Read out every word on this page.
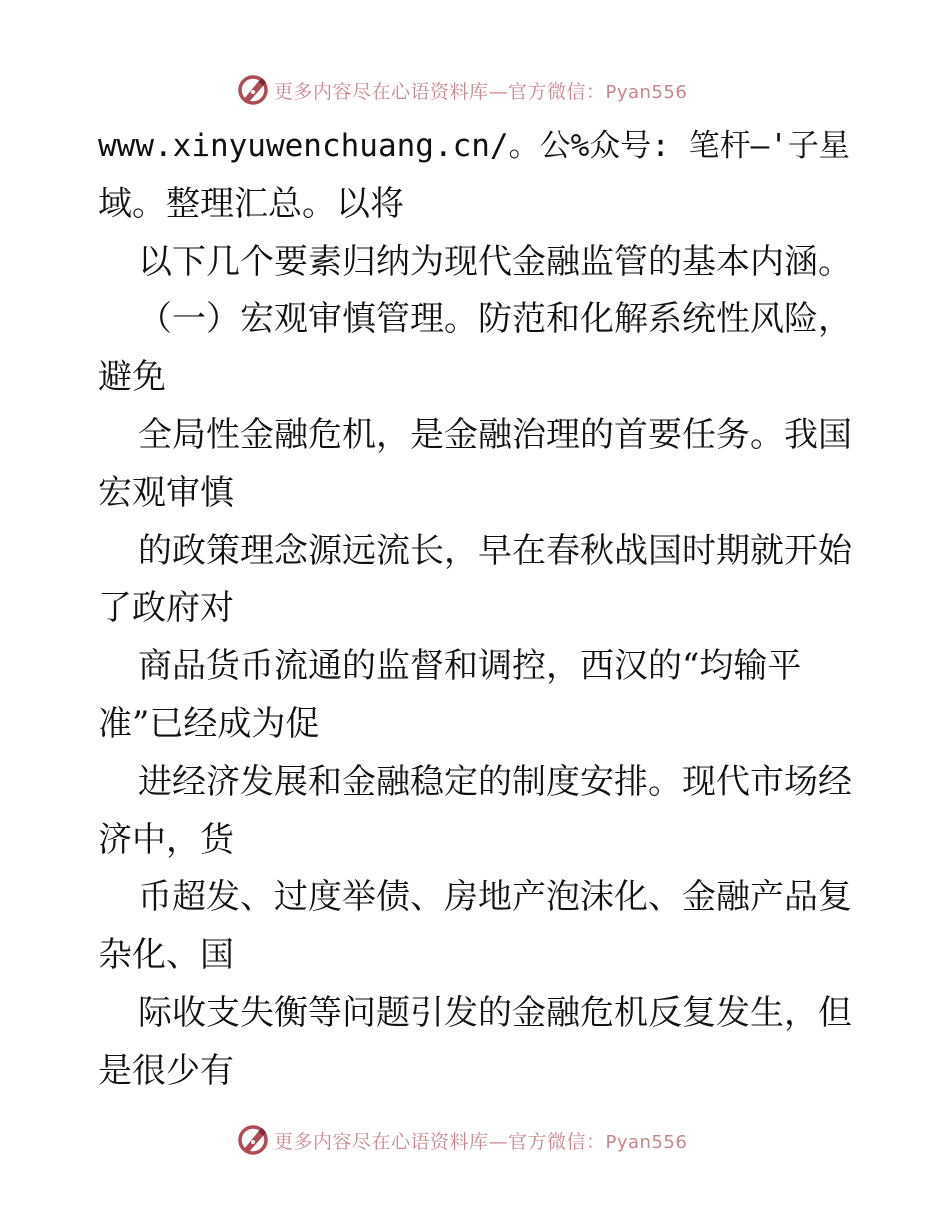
更多内容尽在心语资料库—官方微信：Pyan556
www.xinyuwenchuang.cn/。公%众号: 笔杆—'子星
域。整理汇总。以将
以下几个要素归纳为现代金融监管的基本内涵。
（一）宏观审慎管理。防范和化解系统性风险，
避免
全局性金融危机，是金融治理的首要任务。我国
宏观审慎
的政策理念源远流长，早在春秋战国时期就开始
了政府对
商品货币流通的监督和调控，西汉的“均输平
准”已经成为促
进经济发展和金融稳定的制度安排。现代市场经
济中，货
币超发、过度举债、房地产泡沫化、金融产品复
杂化、国
际收支失衡等问题引发的金融危机反复发生，但
是很少有
更多内容尽在心语资料库—官方微信：Pyan556
